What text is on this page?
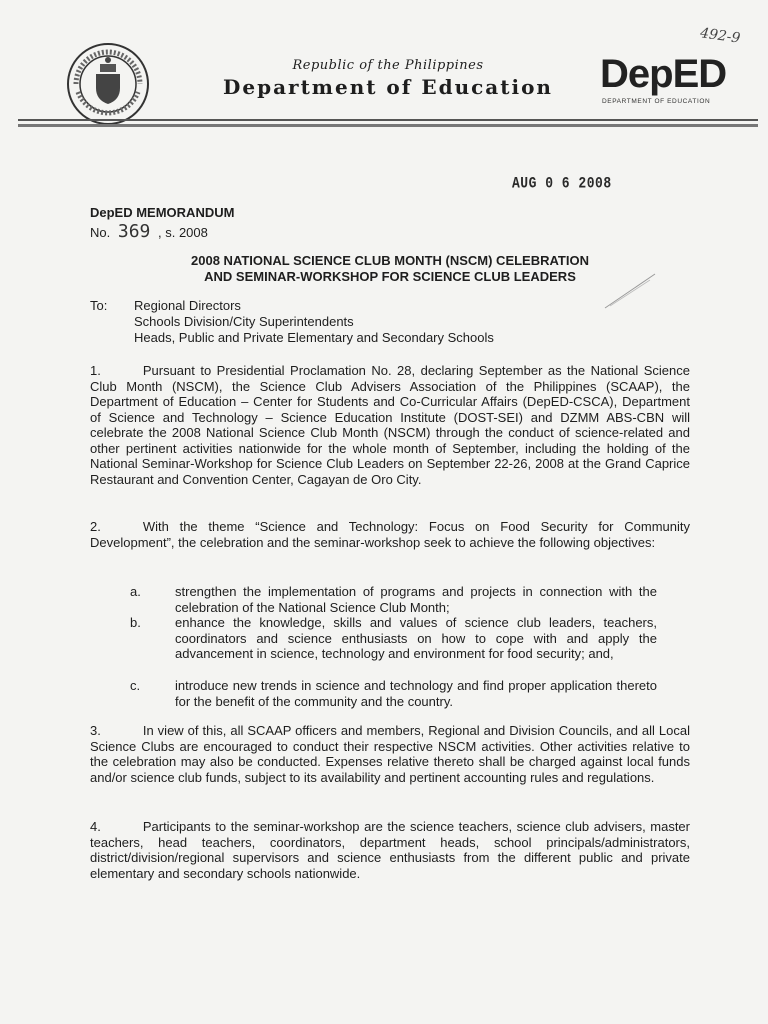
Republic of the Philippines
Department of Education DepED
DEPARTMENT OF EDUCATION
492-9
AUG 0 6 2008
DepED MEMORANDUM
No. 369 , s. 2008
2008 NATIONAL SCIENCE CLUB MONTH (NSCM) CELEBRATION
AND SEMINAR-WORKSHOP FOR SCIENCE CLUB LEADERS
To: Regional Directors
Schools Division/City Superintendents
Heads, Public and Private Elementary and Secondary Schools
1.	Pursuant to Presidential Proclamation No. 28, declaring September as the National Science Club Month (NSCM), the Science Club Advisers Association of the Philippines (SCAAP), the Department of Education – Center for Students and Co-Curricular Affairs (DepED-CSCA), Department of Science and Technology – Science Education Institute (DOST-SEI) and DZMM ABS-CBN will celebrate the 2008 National Science Club Month (NSCM) through the conduct of science-related and other pertinent activities nationwide for the whole month of September, including the holding of the National Seminar-Workshop for Science Club Leaders on September 22-26, 2008 at the Grand Caprice Restaurant and Convention Center, Cagayan de Oro City.
2.	With the theme “Science and Technology: Focus on Food Security for Community Development”, the celebration and the seminar-workshop seek to achieve the following objectives:
a.	strengthen the implementation of programs and projects in connection with the celebration of the National Science Club Month;
b.	enhance the knowledge, skills and values of science club leaders, teachers, coordinators and science enthusiasts on how to cope with and apply the advancement in science, technology and environment for food security; and,
c.	introduce new trends in science and technology and find proper application thereto for the benefit of the community and the country.
3.	In view of this, all SCAAP officers and members, Regional and Division Councils, and all Local Science Clubs are encouraged to conduct their respective NSCM activities. Other activities relative to the celebration may also be conducted. Expenses relative thereto shall be charged against local funds and/or science club funds, subject to its availability and pertinent accounting rules and regulations.
4.	Participants to the seminar-workshop are the science teachers, science club advisers, master teachers, head teachers, coordinators, department heads, school principals/administrators, district/division/regional supervisors and science enthusiasts from the different public and private elementary and secondary schools nationwide.
